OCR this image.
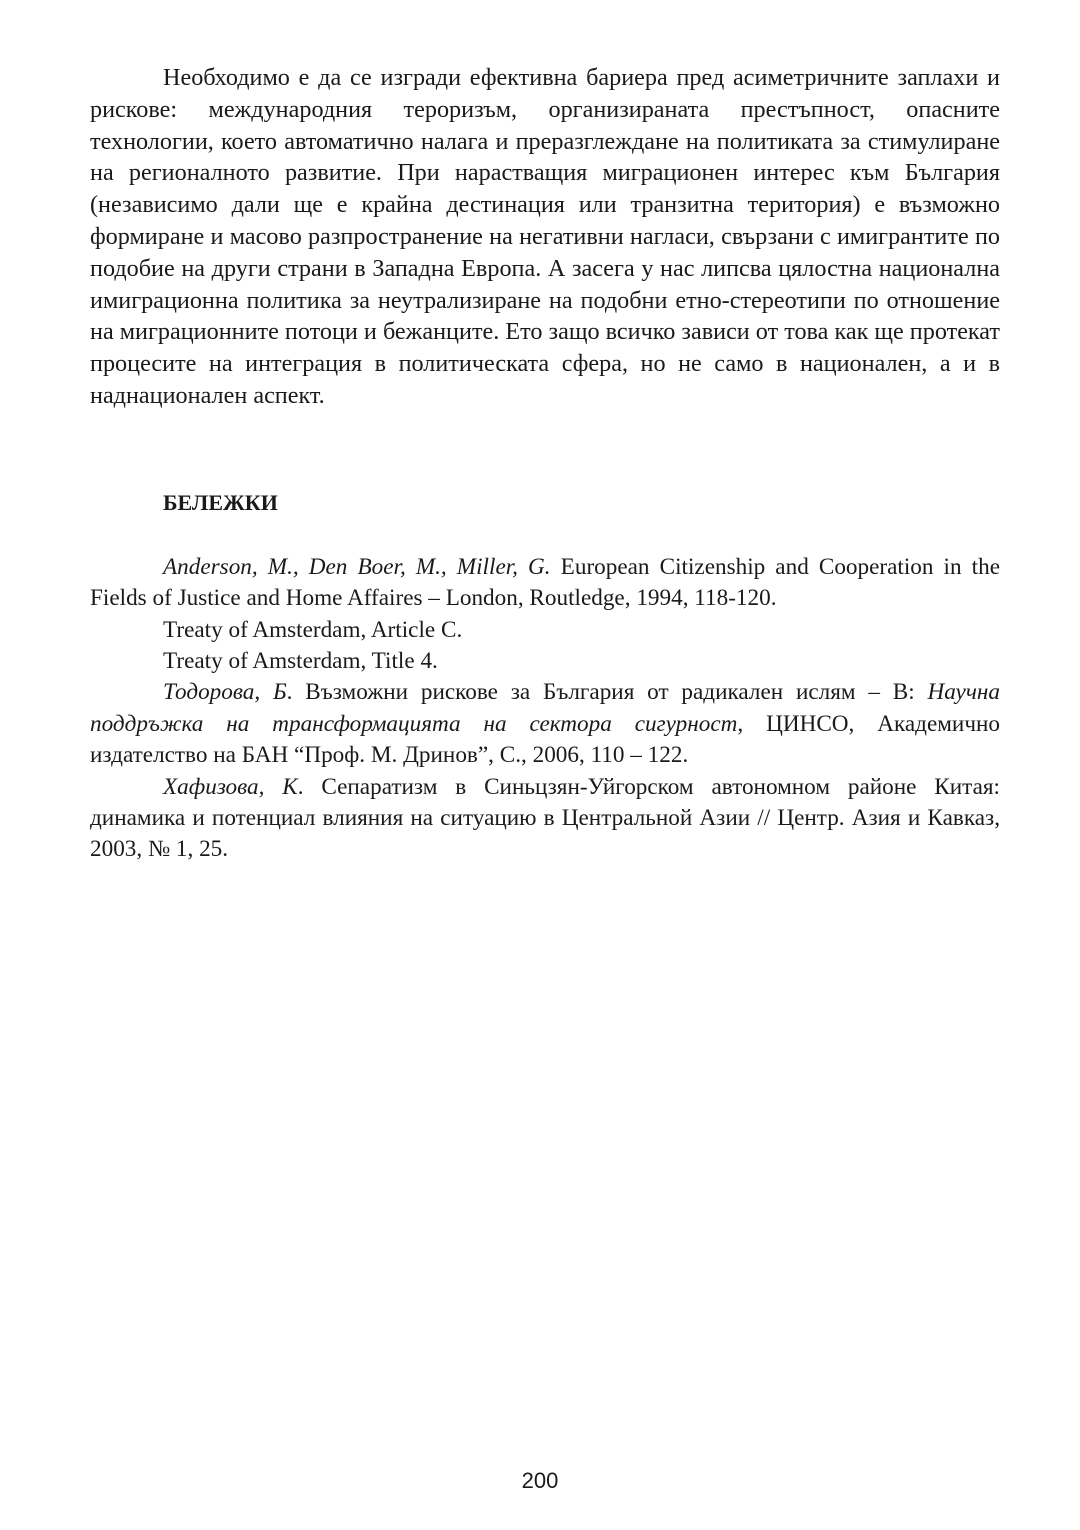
Необходимо е да се изгради ефективна бариера пред асиметричните заплахи и рискове: международния тероризъм, организираната престъпност, опасните технологии, което автоматично налага и преразглеждане на политиката за стимулиране на регионалното развитие. При нарастващия миграционен интерес към България (независимо дали ще е крайна дестинация или транзитна територия) е възможно формиране и масово разпространение на негативни нагласи, свързани с имигрантите по подобие на други страни в Западна Европа. А засега у нас липсва цялостна национална имиграционна политика за неутрализиране на подобни етно-стереотипи по отношение на миграционните потоци и бежанците. Ето защо всичко зависи от това как ще протекат процесите на интеграция в политическата сфера, но не само в национален, а и в наднационален аспект.

БЕЛЕЖКИ

Anderson, M., Den Boer, M., Miller, G. European Citizenship and Cooperation in the Fields of Justice and Home Affaires – London, Routledge, 1994, 118-120.

Treaty of Amsterdam, Article C.

Treaty of Amsterdam, Title 4.

Тодорова, Б. Възможни рискове за България от радикален ислям – В: Научна поддръжка на трансформацията на сектора сигурност, ЦИНСО, Академично издателство на БАН “Проф. М. Дринов”, С., 2006, 110 – 122.

Хафизова, К. Сепаратизм в Синьцзян-Уйгорском автономном районе Китая: динамика и потенциал влияния на ситуацию в Центральной Азии // Центр. Азия и Кавказ, 2003, № 1, 25.

200
